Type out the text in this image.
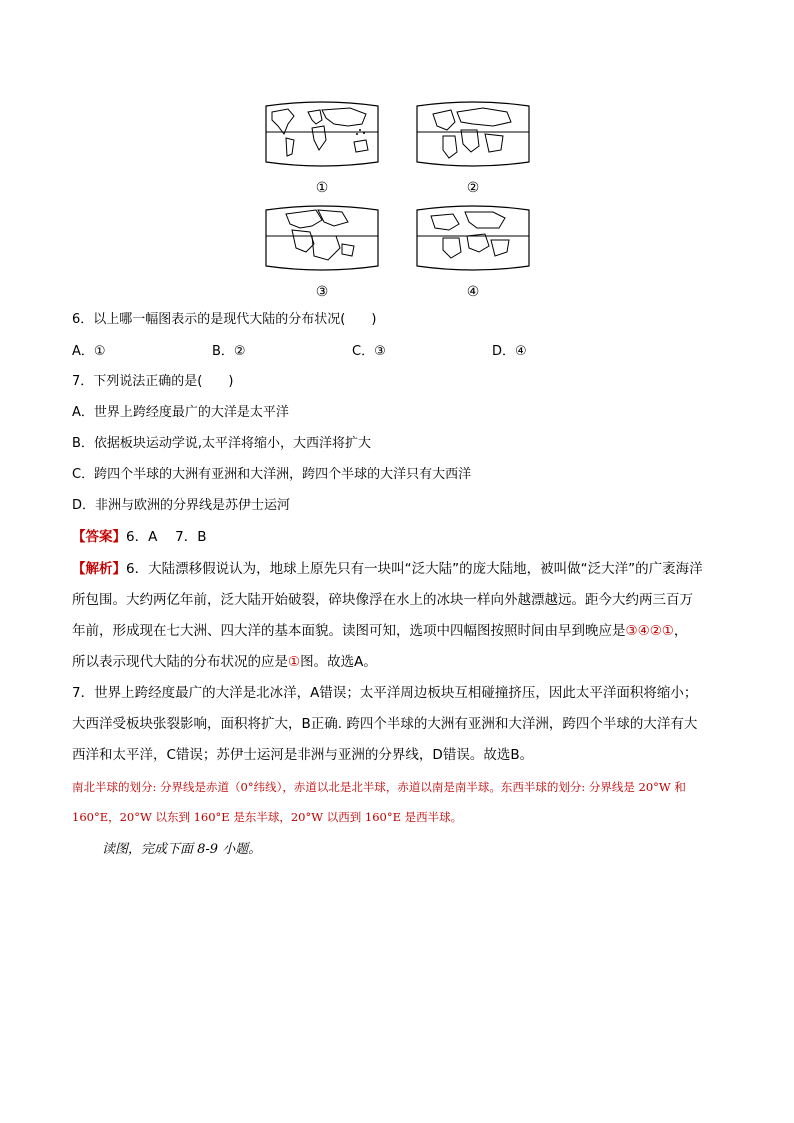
①	②
③	④
6．以上哪一幅图表示的是现代大陆的分布状况(　　)
A．①	B．②	C．③	D．④
7．下列说法正确的是(　　)
A．世界上跨经度最广的大洋是太平洋
B．依据板块运动学说,太平洋将缩小，大西洋将扩大
C．跨四个半球的大洲有亚洲和大洋洲，跨四个半球的大洋只有大西洋
D．非洲与欧洲的分界线是苏伊士运河
【答案】6．A　 7．B
【解析】6．大陆漂移假说认为，地球上原先只有一块叫“泛大陆”的庞大陆地，被叫做“泛大洋”的广袤海洋
所包围。大约两亿年前，泛大陆开始破裂，碎块像浮在水上的冰块一样向外越漂越远。距今大约两三百万
年前，形成现在七大洲、四大洋的基本面貌。读图可知，选项中四幅图按照时间由早到晚应是③④②①，
所以表示现代大陆的分布状况的应是①图。故选A。
7．世界上跨经度最广的大洋是北冰洋，A错误；太平洋周边板块互相碰撞挤压，因此太平洋面积将缩小；
大西洋受板块张裂影响，面积将扩大，B正确. 跨四个半球的大洲有亚洲和大洋洲，跨四个半球的大洋有大
西洋和太平洋，C错误；苏伊士运河是非洲与亚洲的分界线，D错误。故选B。
南北半球的划分: 分界线是赤道（0°纬线），赤道以北是北半球，赤道以南是南半球。东西半球的划分: 分界线是 20°W 和
160°E，20°W 以东到 160°E 是东半球，20°W 以西到 160°E 是西半球。
读图，完成下面 8-9 小题。
